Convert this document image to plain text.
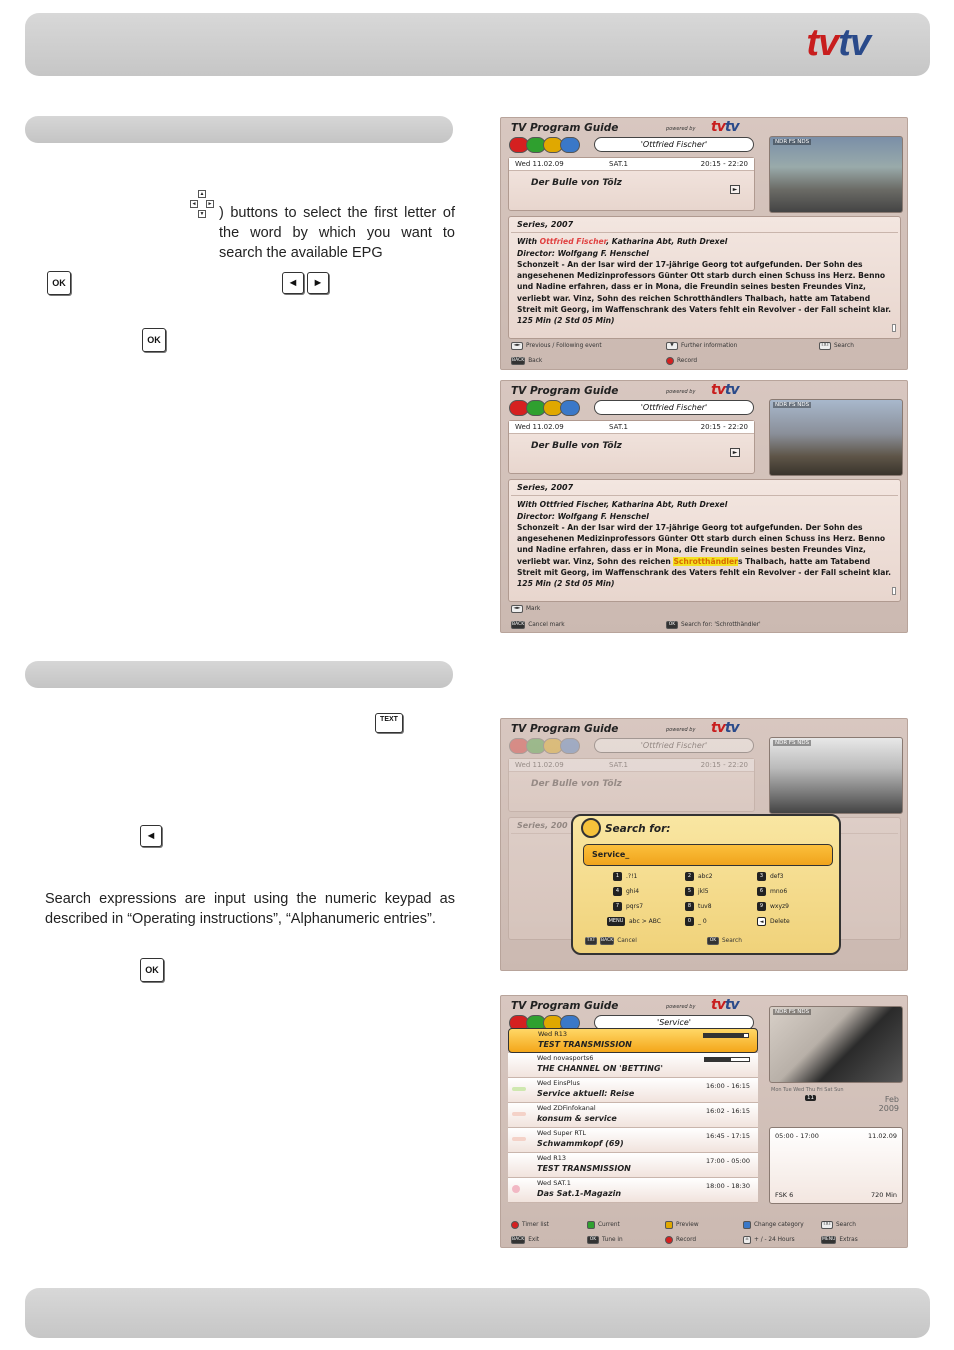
tvtv
▲
◄	►
▼	) buttons to select the first letter of the word by which you want to search the available EPG
OK	◄	►
OK
TEXT
◄
Search expressions are input using the numeric keypad as described in “Operating instructions”, “Alphanumeric entries”.
OK
TV Program Guide	powered by tvtv
'Ottfried Fischer'
Wed 11.02.09	SAT.1	20:15 - 22:20
Der Bulle von Tölz
►
NDR FS NDS
Series, 2007
With Ottfried Fischer, Katharina Abt, Ruth Drexel
Director: Wolfgang F. Henschel
Schonzeit - An der Isar wird der 17-jährige Georg tot aufgefunden. Der Sohn des angesehenen Medizinprofessors Günter Ott starb durch einen Schuss ins Herz. Benno und Nadine erfahren, dass er in Mona, die Freundin seines besten Freundes Vinz, verliebt war. Vinz, Sohn des reichen Schrotthändlers Thalbach, hatte am Tatabend Streit mit Georg, im Waffenschrank des Vaters fehlt ein Revolver - der Fall scheint klar.
125 Min (2 Std 05 Min)
◄► Previous / Following event	▼	Further information	TXT Search
BACK Back	Record
TV Program Guide	powered by tvtv
'Ottfried Fischer'
Wed 11.02.09	SAT.1	20:15 - 22:20
Der Bulle von Tölz
►
NDR FS NDS
Series, 2007
With Ottfried Fischer, Katharina Abt, Ruth Drexel
Director: Wolfgang F. Henschel
Schonzeit - An der Isar wird der 17-jährige Georg tot aufgefunden. Der Sohn des angesehenen Medizinprofessors Günter Ott starb durch einen Schuss ins Herz. Benno und Nadine erfahren, dass er in Mona, die Freundin seines besten Freundes Vinz, verliebt war. Vinz, Sohn des reichen Schrotthändlers Thalbach, hatte am Tatabend Streit mit Georg, im Waffenschrank des Vaters fehlt ein Revolver - der Fall scheint klar.
125 Min (2 Std 05 Min)
◄► Mark
BACK Cancel mark	OK Search for: 'Schrotthändler'
TV Program Guide	powered by tvtv
'Ottfried Fischer'
Wed 11.02.09	SAT.1	20:15 - 22:20
Der Bulle von Tölz
Series, 200
NDR FS NDS
Search for:
Service_
1	.?!1	2	abc2	3	def3
4	ghi4	5	jkl5	6	mno6
7	pqrs7	8	tuv8	9	wxyz9
MENU abc > ABC	0	_ 0	◄	Delete
TXT	BACK Cancel	OK Search
TV Program Guide	powered by tvtv
'Service'
Wed R13
TEST TRANSMISSION
Wed novasports6
THE CHANNEL ON 'BETTING'
Wed EinsPlus
Service aktuell: Reise
16:00 - 16:15
Wed ZDFinfokanal
konsum & service
16:02 - 16:15
Wed Super RTL
Schwammkopf (69)
16:45 - 17:15
Wed R13
TEST TRANSMISSION
17:00 - 05:00
Wed SAT.1
Das Sat.1-Magazin
18:00 - 18:30
NDR FS NDS
Mon Tue Wed Thu Fri Sat Sun
11	Feb
2009
05:00 - 17:00	11.02.09
FSK 6	720 Min
Timer list	Current	Preview	Change category	TXT Search
BACK Exit	OK Tune in	Record	± + / - 24 Hours	MENU Extras
